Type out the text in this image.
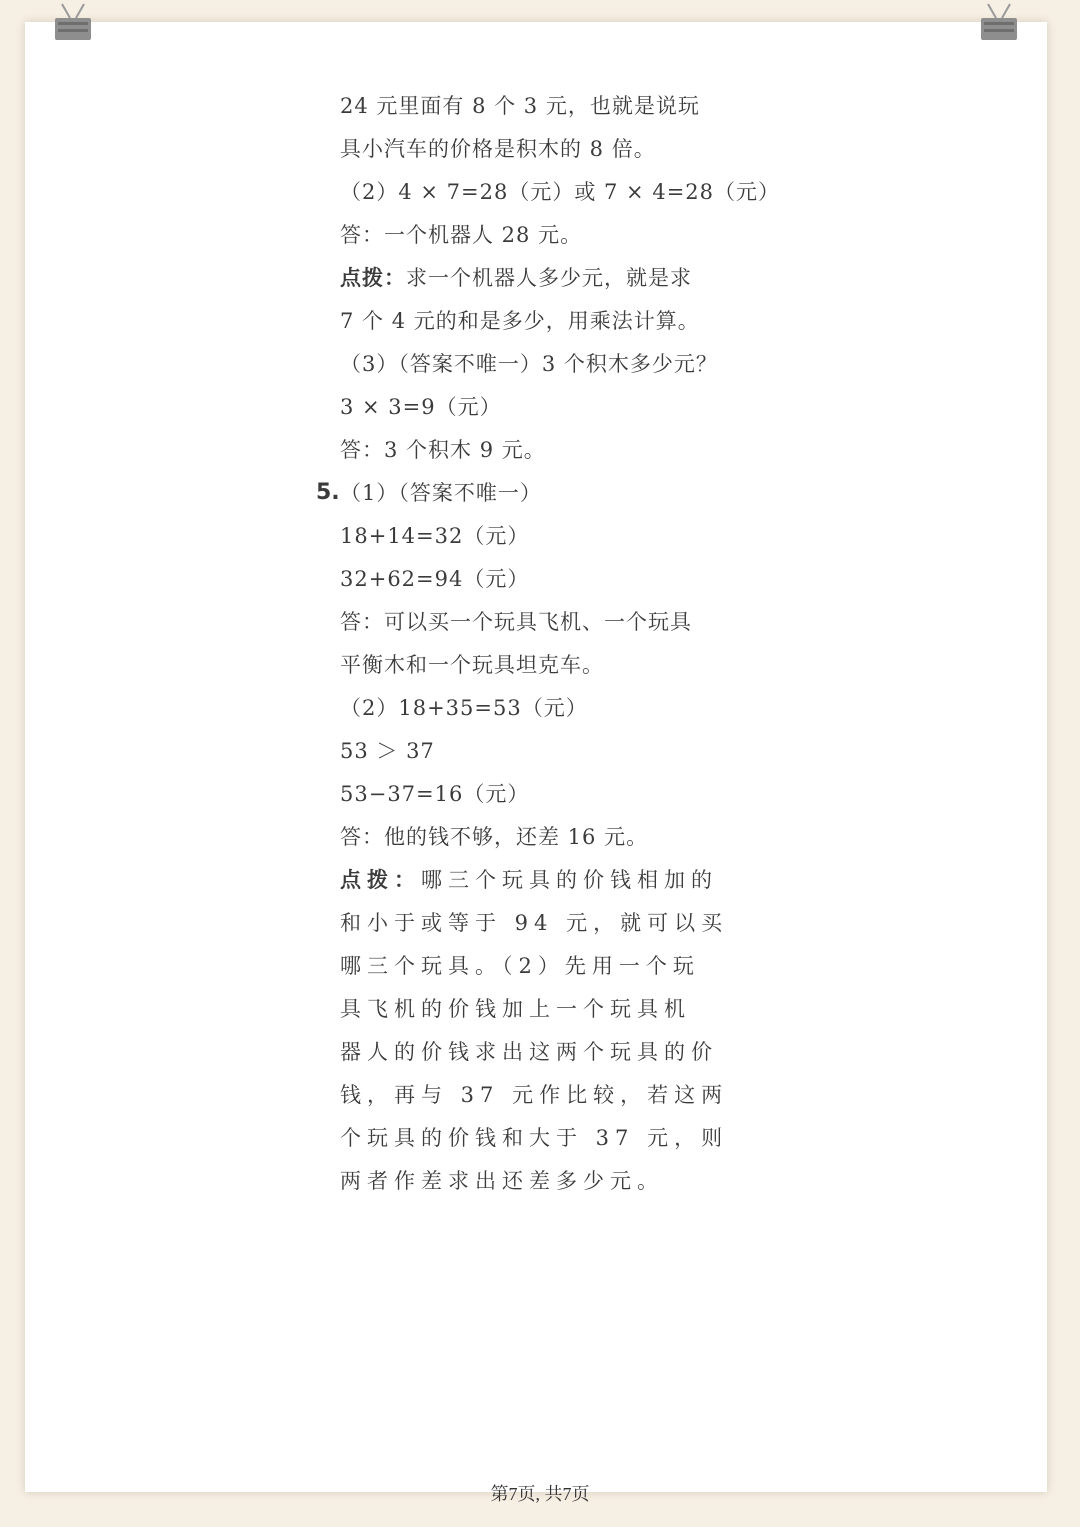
24 元里面有 8 个 3 元，也就是说玩
具小汽车的价格是积木的 8 倍。
（2）4 × 7=28（元）或 7 × 4=28（元）
答：一个机器人 28 元。
点拨：求一个机器人多少元，就是求
7 个 4 元的和是多少，用乘法计算。
（3）（答案不唯一）3 个积木多少元？
3 × 3=9（元）
答：3 个积木 9 元。
5. （1）（答案不唯一）
18+14=32（元）
32+62=94（元）
答：可以买一个玩具飞机、一个玩具
平衡木和一个玩具坦克车。
（2）18+35=53（元）
53 ＞ 37
53−37=16（元）
答：他的钱不够，还差 16 元。
点拨：哪三个玩具的价钱相加的
和小于或等于 94 元，就可以买
哪三个玩具。（2）先用一个玩
具飞机的价钱加上一个玩具机
器人的价钱求出这两个玩具的价
钱，再与 37 元作比较，若这两
个玩具的价钱和大于 37 元，则
两者作差求出还差多少元。
第7页, 共7页
